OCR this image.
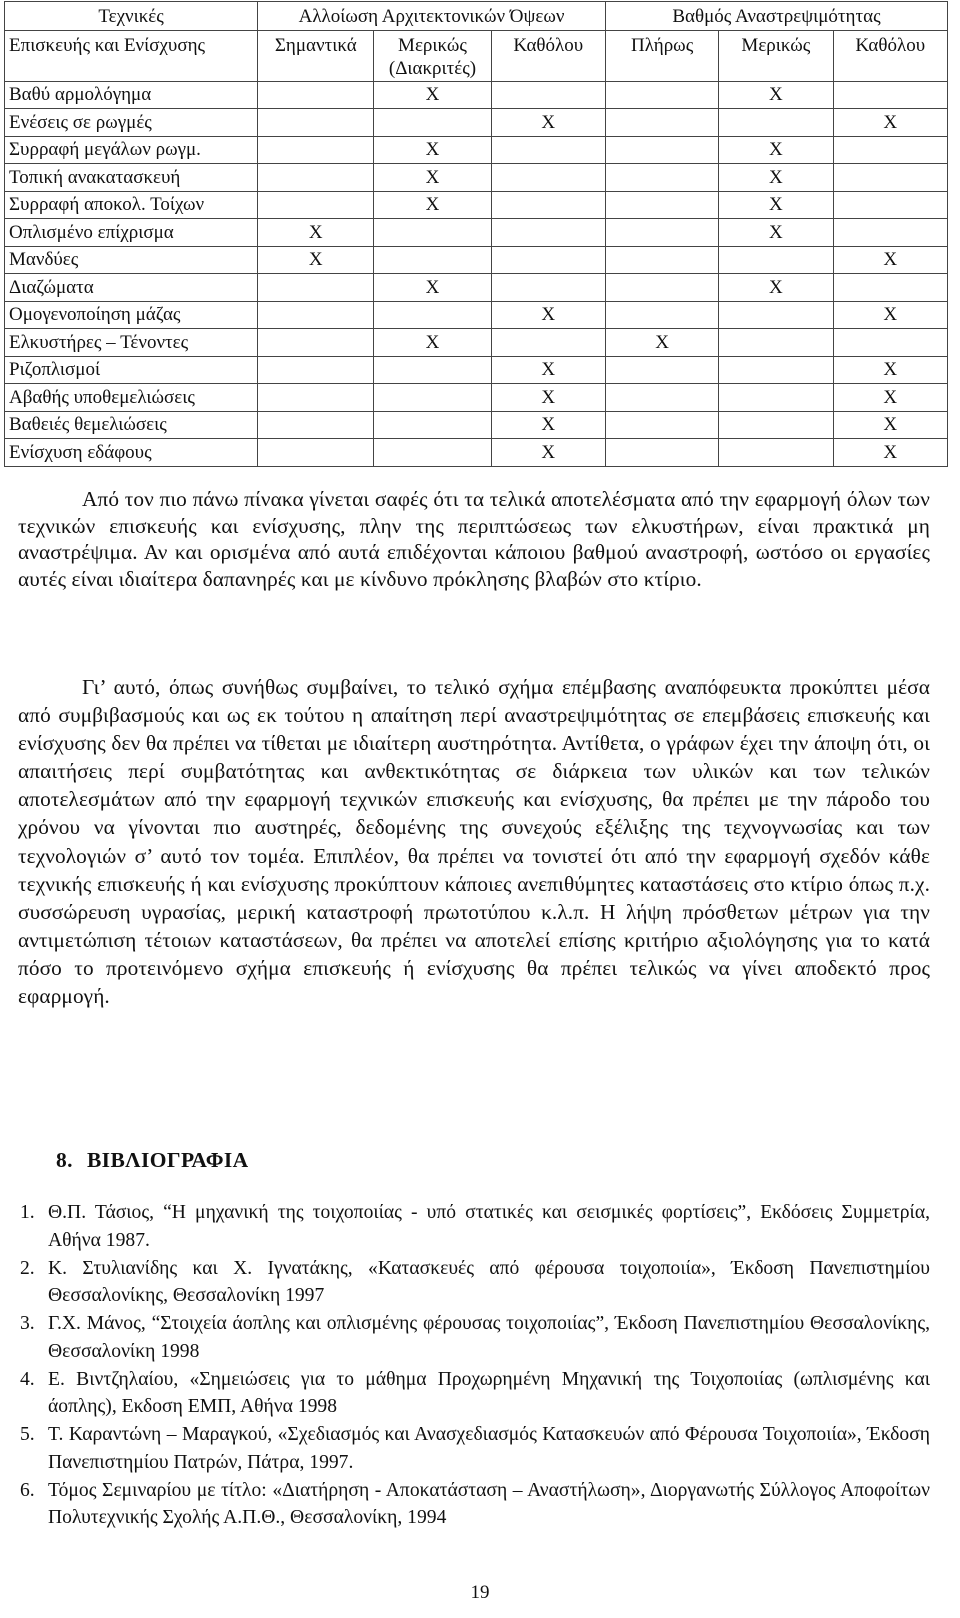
Τεχνικές	Αλλοίωση Αρχιτεκτονικών Όψεων			Βαθμός Αναστρεψιμότητας		
Επισκευής και Ενίσχυσης	Σημαντικά	Μερικώς (Διακριτές)	Καθόλου	Πλήρως	Μερικώς	Καθόλου
Βαθύ αρμολόγημα		X			X	
Ενέσεις σε ρωγμές			X			X
Συρραφή μεγάλων ρωγμ.		X			X	
Τοπική ανακατασκευή		X			X	
Συρραφή αποκολ. Τοίχων		X			X	
Οπλισμένο επίχρισμα	X				X	
Μανδύες	X					X
Διαζώματα		X			X	
Ομογενοποίηση μάζας			X			X
Ελκυστήρες – Τένοντες		X		X		
Ριζοπλισμοί			X			X
Αβαθής υποθεμελιώσεις			X			X
Βαθειές θεμελιώσεις			X			X
Ενίσχυση εδάφους			X			X

Από τον πιο πάνω πίνακα γίνεται σαφές ότι τα τελικά αποτελέσματα από την εφαρμογή όλων των τεχνικών επισκευής και ενίσχυσης, πλην της περιπτώσεως των ελκυστήρων, είναι πρακτικά μη αναστρέψιμα. Αν και ορισμένα από αυτά επιδέχονται κάποιου βαθμού αναστροφή, ωστόσο οι εργασίες αυτές είναι ιδιαίτερα δαπανηρές και με κίνδυνο πρόκλησης βλαβών στο κτίριο.

Γι’ αυτό, όπως συνήθως συμβαίνει, το τελικό σχήμα επέμβασης αναπόφευκτα προκύπτει μέσα από συμβιβασμούς και ως εκ τούτου η απαίτηση περί αναστρεψιμότητας σε επεμβάσεις επισκευής και ενίσχυσης δεν θα πρέπει να τίθεται με ιδιαίτερη αυστηρότητα. Αντίθετα, ο γράφων έχει την άποψη ότι, οι απαιτήσεις περί συμβατότητας και ανθεκτικότητας σε διάρκεια των υλικών και των τελικών αποτελεσμάτων από την εφαρμογή τεχνικών επισκευής και ενίσχυσης, θα πρέπει με την πάροδο του χρόνου να γίνονται πιο αυστηρές, δεδομένης της συνεχούς εξέλιξης της τεχνογνωσίας και των τεχνολογιών σ’ αυτό τον τομέα. Επιπλέον, θα πρέπει να τονιστεί ότι από την εφαρμογή σχεδόν κάθε τεχνικής επισκευής ή και ενίσχυσης προκύπτουν κάποιες ανεπιθύμητες καταστάσεις στο κτίριο όπως π.χ. συσσώρευση υγρασίας, μερική καταστροφή πρωτοτύπου κ.λ.π. Η λήψη πρόσθετων μέτρων για την αντιμετώπιση τέτοιων καταστάσεων, θα πρέπει να αποτελεί επίσης κριτήριο αξιολόγησης για το κατά πόσο το προτεινόμενο σχήμα επισκευής ή ενίσχυσης θα πρέπει τελικώς να γίνει αποδεκτό προς εφαρμογή.

8. ΒΙΒΛΙΟΓΡΑΦΙΑ
1. Θ.Π. Τάσιος, “Η μηχανική της τοιχοποιίας - υπό στατικές και σεισμικές φορτίσεις”, Εκδόσεις Συμμετρία, Αθήνα 1987.
2. Κ. Στυλιανίδης και Χ. Ιγνατάκης, «Κατασκευές από φέρουσα τοιχοποιία», Έκδοση Πανεπιστημίου Θεσσαλονίκης, Θεσσαλονίκη 1997
3. Γ.Χ. Μάνος, “Στοιχεία άοπλης και οπλισμένης φέρουσας τοιχοποιίας”, Έκδοση Πανεπιστημίου Θεσσαλονίκης, Θεσσαλονίκη 1998
4. Ε. Βιντζηλαίου, «Σημειώσεις για το μάθημα Προχωρημένη Μηχανική της Τοιχοποιίας (ωπλισμένης και άοπλης), Εκδοση ΕΜΠ, Αθήνα 1998
5. Τ. Καραντώνη – Μαραγκού, «Σχεδιασμός και Ανασχεδιασμός Κατασκευών από Φέρουσα Τοιχοποιία», Έκδοση Πανεπιστημίου Πατρών, Πάτρα, 1997.
6. Τόμος Σεμιναρίου με τίτλο: «Διατήρηση - Αποκατάσταση – Αναστήλωση», Διοργανωτής Σύλλογος Αποφοίτων Πολυτεχνικής Σχολής Α.Π.Θ., Θεσσαλονίκη, 1994
19
